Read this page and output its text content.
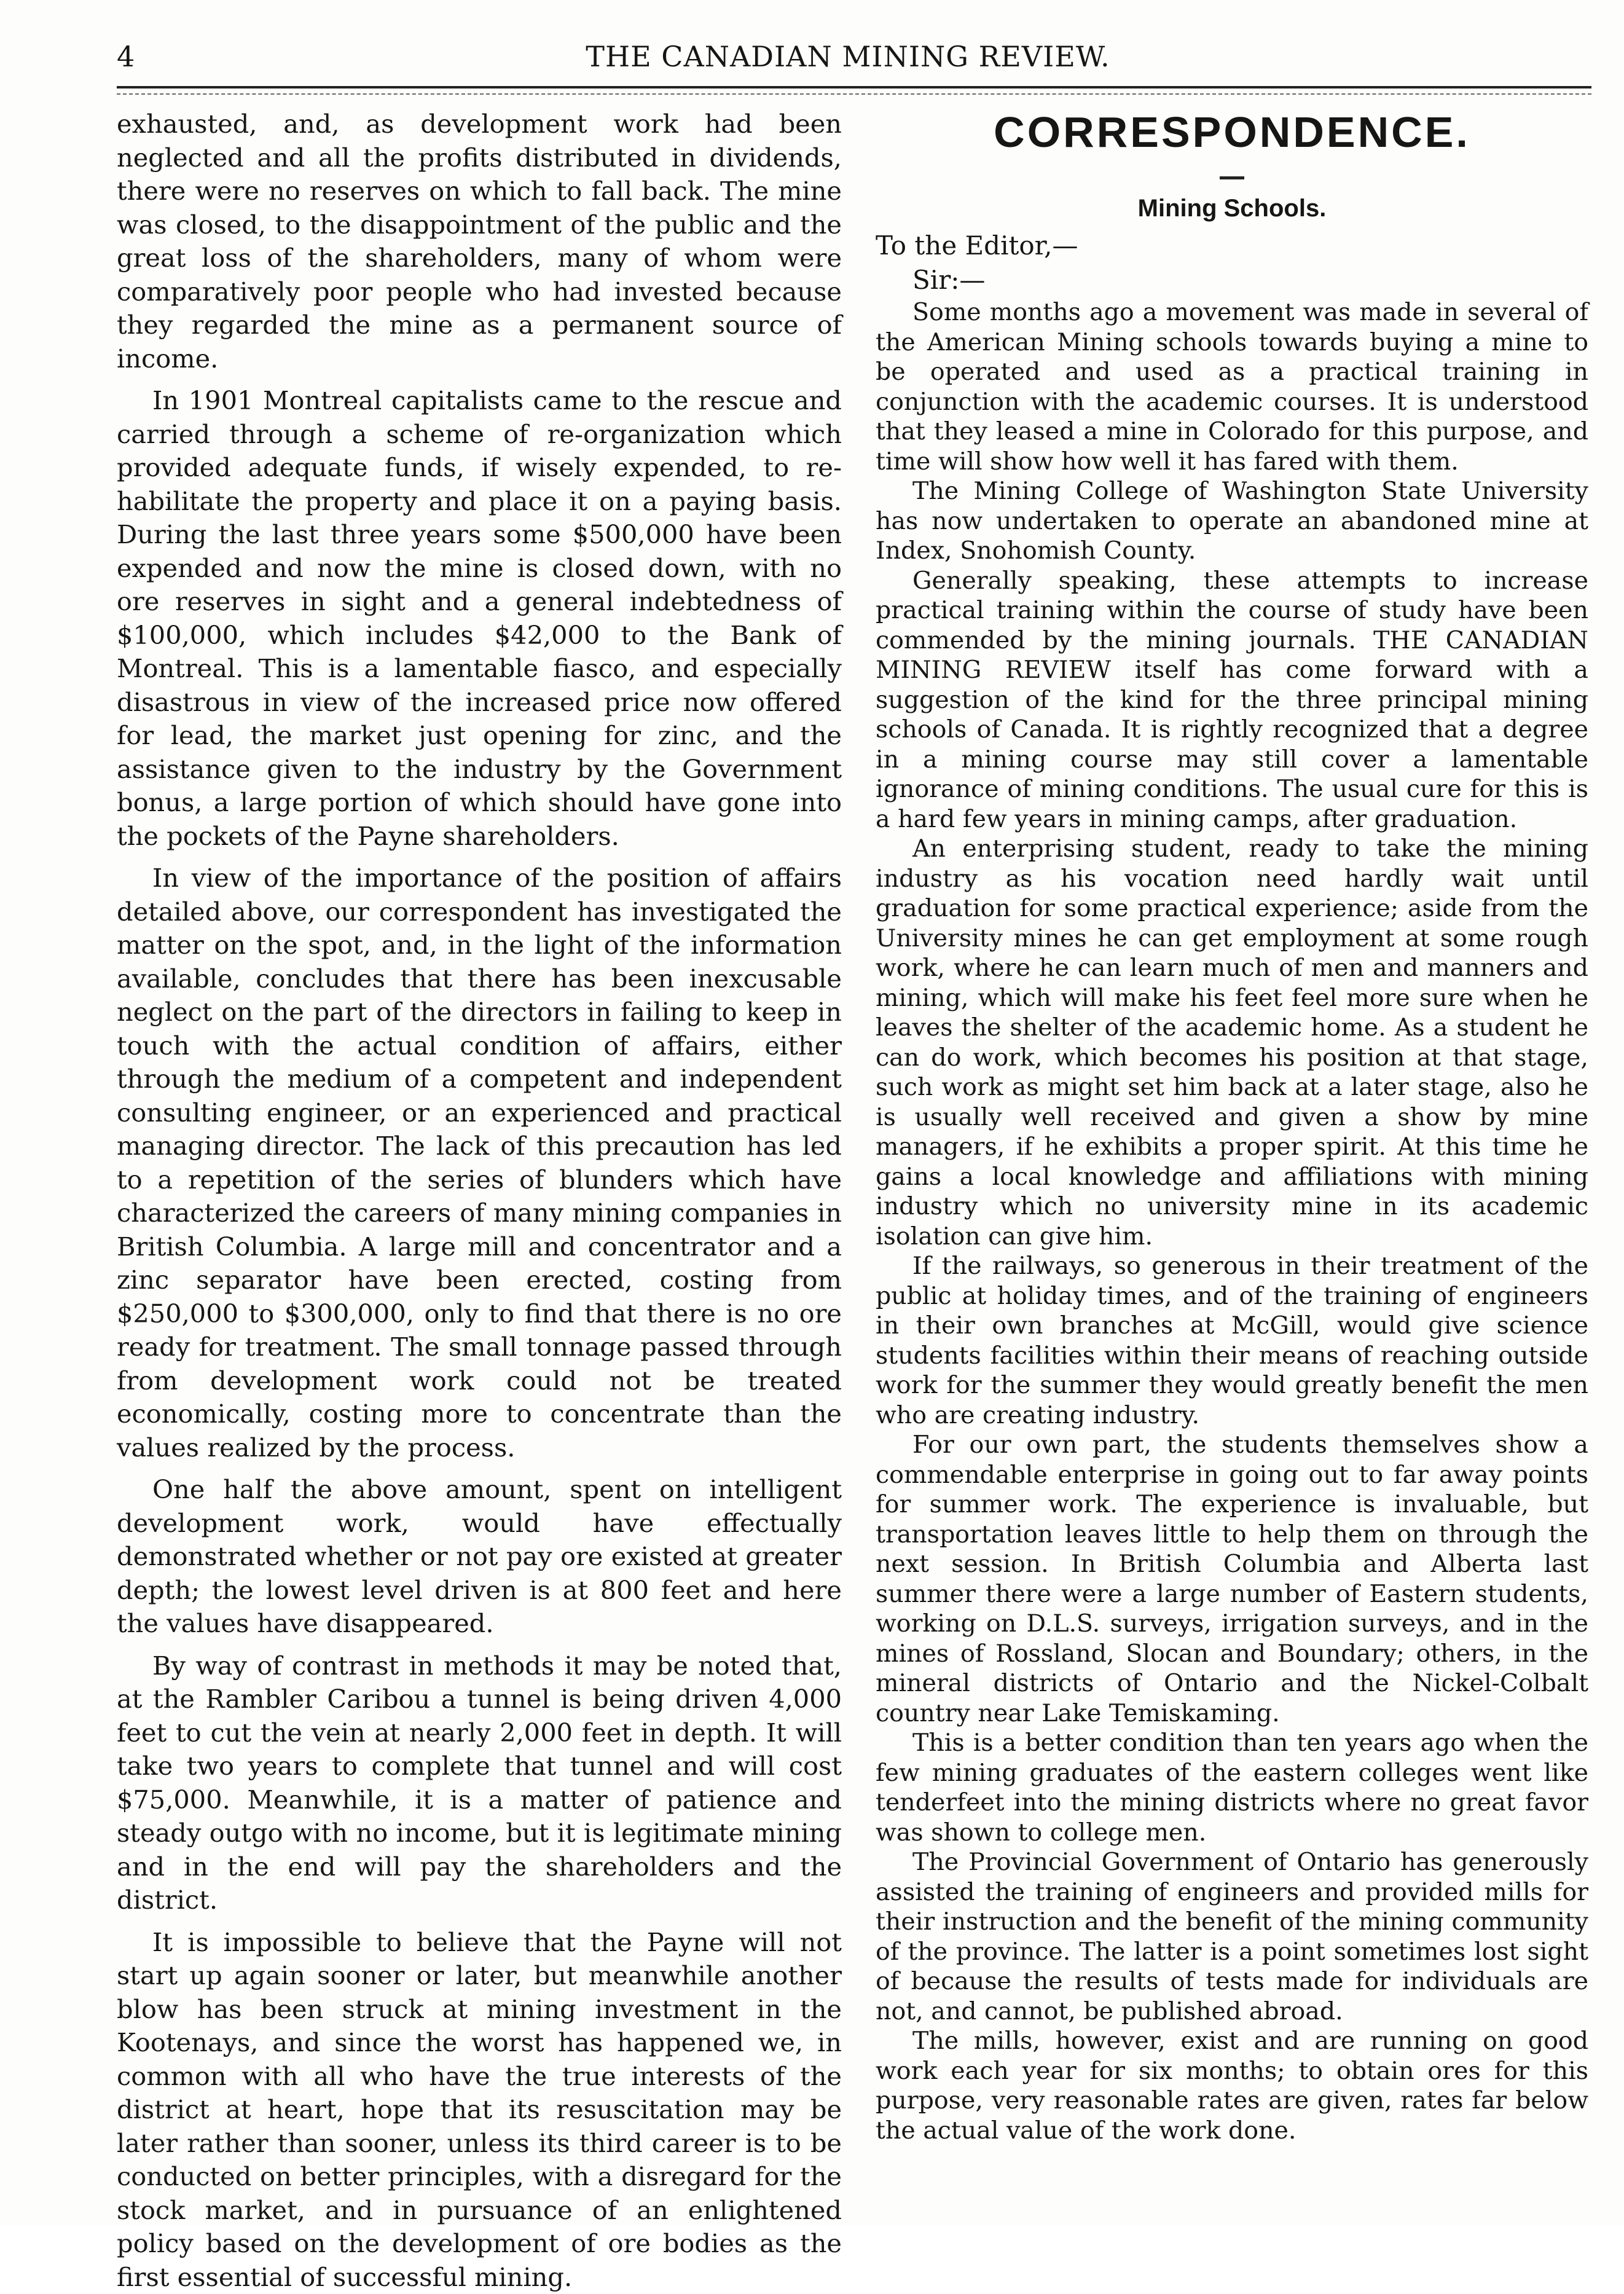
4	THE CANADIAN MINING REVIEW.

exhausted, and, as development work had been neglected and all the profits distributed in dividends, there were no reserves on which to fall back. The mine was closed, to the disappointment of the public and the great loss of the shareholders, many of whom were comparatively poor people who had invested because they regarded the mine as a permanent source of income.

In 1901 Montreal capitalists came to the rescue and carried through a scheme of re-organization which provided adequate funds, if wisely expended, to re-habilitate the property and place it on a paying basis. During the last three years some $500,000 have been expended and now the mine is closed down, with no ore reserves in sight and a general indebtedness of $100,000, which includes $42,000 to the Bank of Montreal. This is a lamentable fiasco, and especially disastrous in view of the increased price now offered for lead, the market just opening for zinc, and the assistance given to the industry by the Government bonus, a large portion of which should have gone into the pockets of the Payne shareholders.

In view of the importance of the position of affairs detailed above, our correspondent has investigated the matter on the spot, and, in the light of the information available, concludes that there has been inexcusable neglect on the part of the directors in failing to keep in touch with the actual condition of affairs, either through the medium of a competent and independent consulting engineer, or an experienced and practical managing director. The lack of this precaution has led to a repetition of the series of blunders which have characterized the careers of many mining companies in British Columbia. A large mill and concentrator and a zinc separator have been erected, costing from $250,000 to $300,000, only to find that there is no ore ready for treatment. The small tonnage passed through from development work could not be treated economically, costing more to concentrate than the values realized by the process.

One half the above amount, spent on intelligent development work, would have effectually demonstrated whether or not pay ore existed at greater depth; the lowest level driven is at 800 feet and here the values have disappeared.

By way of contrast in methods it may be noted that, at the Rambler Caribou a tunnel is being driven 4,000 feet to cut the vein at nearly 2,000 feet in depth. It will take two years to complete that tunnel and will cost $75,000. Meanwhile, it is a matter of patience and steady outgo with no income, but it is legitimate mining and in the end will pay the shareholders and the district.

It is impossible to believe that the Payne will not start up again sooner or later, but meanwhile another blow has been struck at mining investment in the Kootenays, and since the worst has happened we, in common with all who have the true interests of the district at heart, hope that its resuscitation may be later rather than sooner, unless its third career is to be conducted on better principles, with a disregard for the stock market, and in pursuance of an enlightened policy based on the development of ore bodies as the first essential of successful mining.

CORRESPONDENCE.
Mining Schools.

To the Editor,—

Sir:—

Some months ago a movement was made in several of the American Mining schools towards buying a mine to be operated and used as a practical training in conjunction with the academic courses. It is understood that they leased a mine in Colorado for this purpose, and time will show how well it has fared with them.

The Mining College of Washington State University has now undertaken to operate an abandoned mine at Index, Snohomish County.

Generally speaking, these attempts to increase practical training within the course of study have been commended by the mining journals. THE CANADIAN MINING REVIEW itself has come forward with a suggestion of the kind for the three principal mining schools of Canada. It is rightly recognized that a degree in a mining course may still cover a lamentable ignorance of mining conditions. The usual cure for this is a hard few years in mining camps, after graduation.

An enterprising student, ready to take the mining industry as his vocation need hardly wait until graduation for some practical experience; aside from the University mines he can get employment at some rough work, where he can learn much of men and manners and mining, which will make his feet feel more sure when he leaves the shelter of the academic home. As a student he can do work, which becomes his position at that stage, such work as might set him back at a later stage, also he is usually well received and given a show by mine managers, if he exhibits a proper spirit. At this time he gains a local knowledge and affiliations with mining industry which no university mine in its academic isolation can give him.

If the railways, so generous in their treatment of the public at holiday times, and of the training of engineers in their own branches at McGill, would give science students facilities within their means of reaching outside work for the summer they would greatly benefit the men who are creating industry.

For our own part, the students themselves show a commendable enterprise in going out to far away points for summer work. The experience is invaluable, but transportation leaves little to help them on through the next session. In British Columbia and Alberta last summer there were a large number of Eastern students, working on D.L.S. surveys, irrigation surveys, and in the mines of Rossland, Slocan and Boundary; others, in the mineral districts of Ontario and the Nickel-Colbalt country near Lake Temiskaming.

This is a better condition than ten years ago when the few mining graduates of the eastern colleges went like tenderfeet into the mining districts where no great favor was shown to college men.

The Provincial Government of Ontario has generously assisted the training of engineers and provided mills for their instruction and the benefit of the mining community of the province. The latter is a point sometimes lost sight of because the results of tests made for individuals are not, and cannot, be published abroad.

The mills, however, exist and are running on good work each year for six months; to obtain ores for this purpose, very reasonable rates are given, rates far below the actual value of the work done.
